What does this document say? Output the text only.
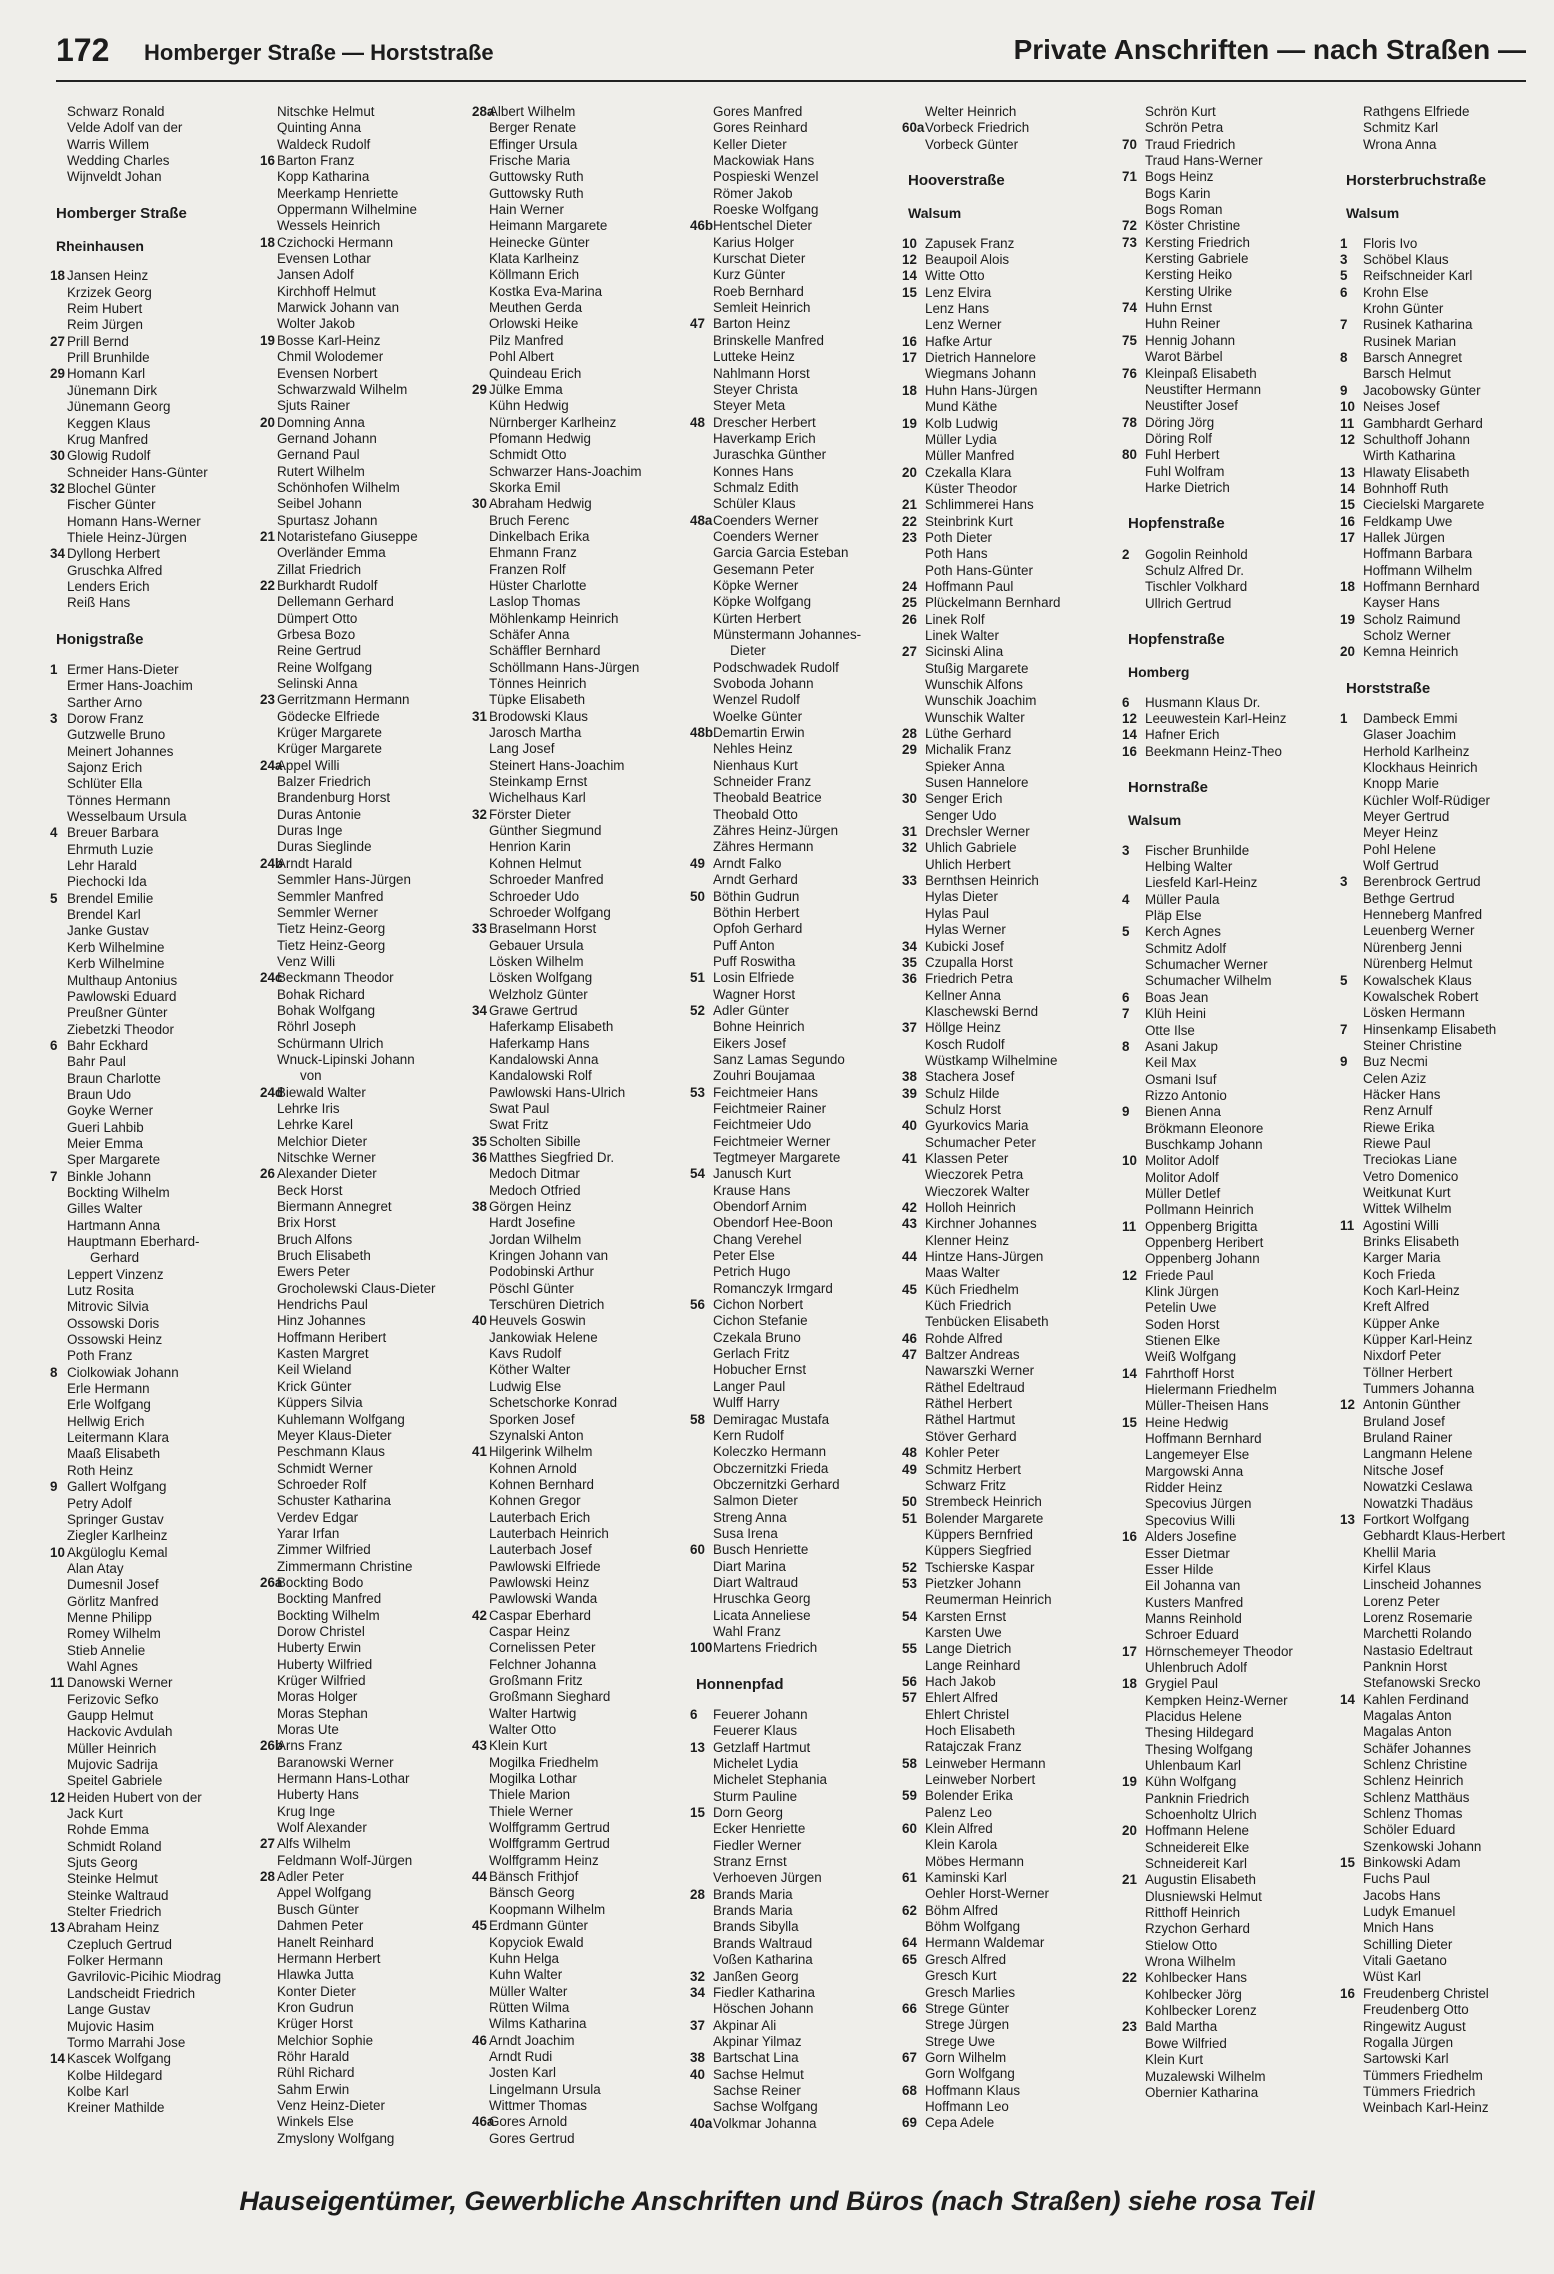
172 Homberger Straße — Horststraße	Private Anschriften — nach Straßen —
Schwarz Ronald
Velde Adolf van der
Warris Willem
Wedding Charles
Wijnveldt Johan
Homberger Straße
Rheinhausen
18 Jansen Heinz
Krzizek Georg
Reim Hubert
Reim Jürgen
27 Prill Bernd
Prill Brunhilde
29 Homann Karl
Jünemann Dirk
Jünemann Georg
Keggen Klaus
Krug Manfred
30 Glowig Rudolf
Schneider Hans-Günter
32 Blochel Günter
Fischer Günter
Homann Hans-Werner
Thiele Heinz-Jürgen
34 Dyllong Herbert
Gruschka Alfred
Lenders Erich
Reiß Hans
Honigstraße
1 Ermer Hans-Dieter
Ermer Hans-Joachim
Sarther Arno
3 Dorow Franz
Gutzwelle Bruno
Meinert Johannes
Sajonz Erich
Schlüter Ella
Tönnes Hermann
Wesselbaum Ursula
4 Breuer Barbara
Ehrmuth Luzie
Lehr Harald
Piechocki Ida
5 Brendel Emilie
Brendel Karl
Janke Gustav
Kerb Wilhelmine
Kerb Wilhelmine
Multhaup Antonius
Pawlowski Eduard
Preußner Günter
Ziebetzki Theodor
6 Bahr Eckhard
Bahr Paul
Braun Charlotte
Braun Udo
Goyke Werner
Gueri Lahbib
Meier Emma
Sper Margarete
7 Binkle Johann
Bockting Wilhelm
Gilles Walter
Hartmann Anna
Hauptmann Eberhard-
Gerhard
Leppert Vinzenz
Lutz Rosita
Mitrovic Silvia
Ossowski Doris
Ossowski Heinz
Poth Franz
8 Ciolkowiak Johann
Erle Hermann
Erle Wolfgang
Hellwig Erich
Leitermann Klara
Maaß Elisabeth
Roth Heinz
9 Gallert Wolfgang
Petry Adolf
Springer Gustav
Ziegler Karlheinz
10 Akgüloglu Kemal
Alan Atay
Dumesnil Josef
Görlitz Manfred
Menne Philipp
Romey Wilhelm
Stieb Annelie
Wahl Agnes
11 Danowski Werner
Ferizovic Sefko
Gaupp Helmut
Hackovic Avdulah
Müller Heinrich
Mujovic Sadrija
Speitel Gabriele
12 Heiden Hubert von der
Jack Kurt
Rohde Emma
Schmidt Roland
Sjuts Georg
Steinke Helmut
Steinke Waltraud
Stelter Friedrich
13 Abraham Heinz
Czepluch Gertrud
Folker Hermann
Gavrilovic-Picihic Miodrag
Landscheidt Friedrich
Lange Gustav
Mujovic Hasim
Tormo Marrahi Jose
14 Kascek Wolfgang
Kolbe Hildegard
Kolbe Karl
Kreiner Mathilde
Nitschke Helmut
Quinting Anna
Waldeck Rudolf
16 Barton Franz
Kopp Katharina
Meerkamp Henriette
Oppermann Wilhelmine
Wessels Heinrich
18 Czichocki Hermann
Evensen Lothar
Jansen Adolf
Kirchhoff Helmut
Marwick Johann van
Wolter Jakob
19 Bosse Karl-Heinz
Chmil Wolodemer
Evensen Norbert
Schwarzwald Wilhelm
Sjuts Rainer
20 Domning Anna
Gernand Johann
Gernand Paul
Rutert Wilhelm
Schönhofen Wilhelm
Seibel Johann
Spurtasz Johann
21 Notaristefano Giuseppe
Overländer Emma
Zillat Friedrich
22 Burkhardt Rudolf
Dellemann Gerhard
Dümpert Otto
Grbesa Bozo
Reine Gertrud
Reine Wolfgang
Selinski Anna
23 Gerritzmann Hermann
Gödecke Elfriede
Krüger Margarete
Krüger Margarete
24aAppel Willi
Balzer Friedrich
Brandenburg Horst
Duras Antonie
Duras Inge
Duras Sieglinde
24bArndt Harald
Semmler Hans-Jürgen
Semmler Manfred
Semmler Werner
Tietz Heinz-Georg
Tietz Heinz-Georg
Venz Willi
24cBeckmann Theodor
Bohak Richard
Bohak Wolfgang
Röhrl Joseph
Schürmann Ulrich
Wnuck-Lipinski Johann
von
24dBiewald Walter
Lehrke Iris
Lehrke Karel
Melchior Dieter
Nitschke Werner
26 Alexander Dieter
Beck Horst
Biermann Annegret
Brix Horst
Bruch Alfons
Bruch Elisabeth
Ewers Peter
Grocholewski Claus-Dieter
Hendrichs Paul
Hinz Johannes
Hoffmann Heribert
Kasten Margret
Keil Wieland
Krick Günter
Küppers Silvia
Kuhlemann Wolfgang
Meyer Klaus-Dieter
Peschmann Klaus
Schmidt Werner
Schroeder Rolf
Schuster Katharina
Verdev Edgar
Yarar Irfan
Zimmer Wilfried
Zimmermann Christine
26aBockting Bodo
Bockting Manfred
Bockting Wilhelm
Dorow Christel
Huberty Erwin
Huberty Wilfried
Krüger Wilfried
Moras Holger
Moras Stephan
Moras Ute
26bArns Franz
Baranowski Werner
Hermann Hans-Lothar
Huberty Hans
Krug Inge
Wolf Alexander
27 Alfs Wilhelm
Feldmann Wolf-Jürgen
28 Adler Peter
Appel Wolfgang
Busch Günter
Dahmen Peter
Hanelt Reinhard
Hermann Herbert
Hlawka Jutta
Konter Dieter
Kron Gudrun
Krüger Horst
Melchior Sophie
Röhr Harald
Rühl Richard
Sahm Erwin
Venz Heinz-Dieter
Winkels Else
Zmyslony Wolfgang
28aAlbert Wilhelm
Berger Renate
Effinger Ursula
Frische Maria
Guttowsky Ruth
Guttowsky Ruth
Hain Werner
Heimann Margarete
Heinecke Günter
Klata Karlheinz
Köllmann Erich
Kostka Eva-Marina
Meuthen Gerda
Orlowski Heike
Pilz Manfred
Pohl Albert
Quindeau Erich
29 Jülke Emma
Kühn Hedwig
Nürnberger Karlheinz
Pfomann Hedwig
Schmidt Otto
Schwarzer Hans-Joachim
Skorka Emil
30 Abraham Hedwig
Bruch Ferenc
Dinkelbach Erika
Ehmann Franz
Franzen Rolf
Hüster Charlotte
Laslop Thomas
Möhlenkamp Heinrich
Schäfer Anna
Schäffler Bernhard
Schöllmann Hans-Jürgen
Tönnes Heinrich
Tüpke Elisabeth
31 Brodowski Klaus
Jarosch Martha
Lang Josef
Steinert Hans-Joachim
Steinkamp Ernst
Wichelhaus Karl
32 Förster Dieter
Günther Siegmund
Henrion Karin
Kohnen Helmut
Schroeder Manfred
Schroeder Udo
Schroeder Wolfgang
33 Braselmann Horst
Gebauer Ursula
Lösken Wilhelm
Lösken Wolfgang
Welzholz Günter
34 Grawe Gertrud
Haferkamp Elisabeth
Haferkamp Hans
Kandalowski Anna
Kandalowski Rolf
Pawlowski Hans-Ulrich
Swat Paul
Swat Fritz
35 Scholten Sibille
36 Matthes Siegfried Dr.
Medoch Ditmar
Medoch Otfried
38 Görgen Heinz
Hardt Josefine
Jordan Wilhelm
Kringen Johann van
Podobinski Arthur
Pöschl Günter
Terschüren Dietrich
40 Heuvels Goswin
Jankowiak Helene
Kavs Rudolf
Köther Walter
Ludwig Else
Schetschorke Konrad
Sporken Josef
Szynalski Anton
41 Hilgerink Wilhelm
Kohnen Arnold
Kohnen Bernhard
Kohnen Gregor
Lauterbach Erich
Lauterbach Heinrich
Lauterbach Josef
Pawlowski Elfriede
Pawlowski Heinz
Pawlowski Wanda
42 Caspar Eberhard
Caspar Heinz
Cornelissen Peter
Felchner Johanna
Großmann Fritz
Großmann Sieghard
Walter Hartwig
Walter Otto
43 Klein Kurt
Mogilka Friedhelm
Mogilka Lothar
Thiele Marion
Thiele Werner
Wolffgramm Gertrud
Wolffgramm Gertrud
Wolffgramm Heinz
44 Bänsch Frithjof
Bänsch Georg
Koopmann Wilhelm
45 Erdmann Günter
Kopyciok Ewald
Kuhn Helga
Kuhn Walter
Müller Walter
Rütten Wilma
Wilms Katharina
46 Arndt Joachim
Arndt Rudi
Josten Karl
Lingelmann Ursula
Wittmer Thomas
46aGores Arnold
Gores Gertrud
Gores Manfred
Gores Reinhard
Keller Dieter
Mackowiak Hans
Pospieski Wenzel
Römer Jakob
Roeske Wolfgang
46bHentschel Dieter
Karius Holger
Kurschat Dieter
Kurz Günter
Roeb Bernhard
Semleit Heinrich
47 Barton Heinz
Brinskelle Manfred
Lutteke Heinz
Nahlmann Horst
Steyer Christa
Steyer Meta
48 Drescher Herbert
Haverkamp Erich
Juraschka Günther
Konnes Hans
Schmalz Edith
Schüler Klaus
48aCoenders Werner
Coenders Werner
Garcia Garcia Esteban
Gesemann Peter
Köpke Werner
Köpke Wolfgang
Kürten Herbert
Münstermann Johannes-
Dieter
Podschwadek Rudolf
Svoboda Johann
Wenzel Rudolf
Woelke Günter
48bDemartin Erwin
Nehles Heinz
Nienhaus Kurt
Schneider Franz
Theobald Beatrice
Theobald Otto
Zähres Heinz-Jürgen
Zähres Hermann
49 Arndt Falko
Arndt Gerhard
50 Böthin Gudrun
Böthin Herbert
Opfoh Gerhard
Puff Anton
Puff Roswitha
51 Losin Elfriede
Wagner Horst
52 Adler Günter
Bohne Heinrich
Eikers Josef
Sanz Lamas Segundo
Zouhri Boujamaa
53 Feichtmeier Hans
Feichtmeier Rainer
Feichtmeier Udo
Feichtmeier Werner
Tegtmeyer Margarete
54 Janusch Kurt
Krause Hans
Obendorf Arnim
Obendorf Hee-Boon
Chang Verehel
Peter Else
Petrich Hugo
Romanczyk Irmgard
56 Cichon Norbert
Cichon Stefanie
Czekala Bruno
Gerlach Fritz
Hobucher Ernst
Langer Paul
Wulff Harry
58 Demiragac Mustafa
Kern Rudolf
Koleczko Hermann
Obczernitzki Frieda
Obczernitzki Gerhard
Salmon Dieter
Streng Anna
Susa Irena
60 Busch Henriette
Diart Marina
Diart Waltraud
Hruschka Georg
Licata Anneliese
Wahl Franz
100Martens Friedrich
Honnenpfad
6 Feuerer Johann
Feuerer Klaus
13 Getzlaff Hartmut
Michelet Lydia
Michelet Stephania
Sturm Pauline
15 Dorn Georg
Ecker Henriette
Fiedler Werner
Stranz Ernst
Verhoeven Jürgen
28 Brands Maria
Brands Maria
Brands Sibylla
Brands Waltraud
Voßen Katharina
32 Janßen Georg
34 Fiedler Katharina
Höschen Johann
37 Akpinar Ali
Akpinar Yilmaz
38 Bartschat Lina
40 Sachse Helmut
Sachse Reiner
Sachse Wolfgang
40aVolkmar Johanna
Welter Heinrich
60aVorbeck Friedrich
Vorbeck Günter
Hooverstraße
Walsum
10 Zapusek Franz
12 Beaupoil Alois
14 Witte Otto
15 Lenz Elvira
Lenz Hans
Lenz Werner
16 Hafke Artur
17 Dietrich Hannelore
Wiegmans Johann
18 Huhn Hans-Jürgen
Mund Käthe
19 Kolb Ludwig
Müller Lydia
Müller Manfred
20 Czekalla Klara
Küster Theodor
21 Schlimmerei Hans
22 Steinbrink Kurt
23 Poth Dieter
Poth Hans
Poth Hans-Günter
24 Hoffmann Paul
25 Plückelmann Bernhard
26 Linek Rolf
Linek Walter
27 Sicinski Alina
Stußig Margarete
Wunschik Alfons
Wunschik Joachim
Wunschik Walter
28 Lüthe Gerhard
29 Michalik Franz
Spieker Anna
Susen Hannelore
30 Senger Erich
Senger Udo
31 Drechsler Werner
32 Uhlich Gabriele
Uhlich Herbert
33 Bernthsen Heinrich
Hylas Dieter
Hylas Paul
Hylas Werner
34 Kubicki Josef
35 Czupalla Horst
36 Friedrich Petra
Kellner Anna
Klaschewski Bernd
37 Höllge Heinz
Kosch Rudolf
Wüstkamp Wilhelmine
38 Stachera Josef
39 Schulz Hilde
Schulz Horst
40 Gyurkovics Maria
Schumacher Peter
41 Klassen Peter
Wieczorek Petra
Wieczorek Walter
42 Holloh Heinrich
43 Kirchner Johannes
Klenner Heinz
44 Hintze Hans-Jürgen
Maas Walter
45 Küch Friedhelm
Küch Friedrich
Tenbücken Elisabeth
46 Rohde Alfred
47 Baltzer Andreas
Nawarszki Werner
Räthel Edeltraud
Räthel Herbert
Räthel Hartmut
Stöver Gerhard
48 Kohler Peter
49 Schmitz Herbert
Schwarz Fritz
50 Strembeck Heinrich
51 Bolender Margarete
Küppers Bernfried
Küppers Siegfried
52 Tschierske Kaspar
53 Pietzker Johann
Reumerman Heinrich
54 Karsten Ernst
Karsten Uwe
55 Lange Dietrich
Lange Reinhard
56 Hach Jakob
57 Ehlert Alfred
Ehlert Christel
Hoch Elisabeth
Ratajczak Franz
58 Leinweber Hermann
Leinweber Norbert
59 Bolender Erika
Palenz Leo
60 Klein Alfred
Klein Karola
Möbes Hermann
61 Kaminski Karl
Oehler Horst-Werner
62 Böhm Alfred
Böhm Wolfgang
64 Hermann Waldemar
65 Gresch Alfred
Gresch Kurt
Gresch Marlies
66 Strege Günter
Strege Jürgen
Strege Uwe
67 Gorn Wilhelm
Gorn Wolfgang
68 Hoffmann Klaus
Hoffmann Leo
69 Cepa Adele
Schrön Kurt
Schrön Petra
70 Traud Friedrich
Traud Hans-Werner
71 Bogs Heinz
Bogs Karin
Bogs Roman
72 Köster Christine
73 Kersting Friedrich
Kersting Gabriele
Kersting Heiko
Kersting Ulrike
74 Huhn Ernst
Huhn Reiner
75 Hennig Johann
Warot Bärbel
76 Kleinpaß Elisabeth
Neustifter Hermann
Neustifter Josef
78 Döring Jörg
Döring Rolf
80 Fuhl Herbert
Fuhl Wolfram
Harke Dietrich
Hopfenstraße
2 Gogolin Reinhold
Schulz Alfred Dr.
Tischler Volkhard
Ullrich Gertrud
Hopfenstraße
Homberg
6 Husmann Klaus Dr.
12 Leeuwestein Karl-Heinz
14 Hafner Erich
16 Beekmann Heinz-Theo
Hornstraße
Walsum
3 Fischer Brunhilde
Helbing Walter
Liesfeld Karl-Heinz
4 Müller Paula
Pläp Else
5 Kerch Agnes
Schmitz Adolf
Schumacher Werner
Schumacher Wilhelm
6 Boas Jean
7 Klüh Heini
Otte Ilse
8 Asani Jakup
Keil Max
Osmani Isuf
Rizzo Antonio
9 Bienen Anna
Brökmann Eleonore
Buschkamp Johann
10 Molitor Adolf
Molitor Adolf
Müller Detlef
Pollmann Heinrich
11 Oppenberg Brigitta
Oppenberg Heribert
Oppenberg Johann
12 Friede Paul
Klink Jürgen
Petelin Uwe
Soden Horst
Stienen Elke
Weiß Wolfgang
14 Fahrthoff Horst
Hielermann Friedhelm
Müller-Theisen Hans
15 Heine Hedwig
Hoffmann Bernhard
Langemeyer Else
Margowski Anna
Ridder Heinz
Specovius Jürgen
Specovius Willi
16 Alders Josefine
Esser Dietmar
Esser Hilde
Eil Johanna van
Kusters Manfred
Manns Reinhold
Schroer Eduard
17 Hörnschemeyer Theodor
Uhlenbruch Adolf
18 Grygiel Paul
Kempken Heinz-Werner
Placidus Helene
Thesing Hildegard
Thesing Wolfgang
Uhlenbaum Karl
19 Kühn Wolfgang
Panknin Friedrich
Schoenholtz Ulrich
20 Hoffmann Helene
Schneidereit Elke
Schneidereit Karl
21 Augustin Elisabeth
Dlusniewski Helmut
Ritthoff Heinrich
Rzychon Gerhard
Stielow Otto
Wrona Wilhelm
22 Kohlbecker Hans
Kohlbecker Jörg
Kohlbecker Lorenz
23 Bald Martha
Bowe Wilfried
Klein Kurt
Muzalewski Wilhelm
Obernier Katharina
Rathgens Elfriede
Schmitz Karl
Wrona Anna
Horsterbruchstraße
Walsum
1 Floris Ivo
3 Schöbel Klaus
5 Reifschneider Karl
6 Krohn Else
Krohn Günter
7 Rusinek Katharina
Rusinek Marian
8 Barsch Annegret
Barsch Helmut
9 Jacobowsky Günter
10 Neises Josef
11 Gambhardt Gerhard
12 Schulthoff Johann
Wirth Katharina
13 Hlawaty Elisabeth
14 Bohnhoff Ruth
15 Ciecielski Margarete
16 Feldkamp Uwe
17 Hallek Jürgen
Hoffmann Barbara
Hoffmann Wilhelm
18 Hoffmann Bernhard
Kayser Hans
19 Scholz Raimund
Scholz Werner
20 Kemna Heinrich
Horststraße
1 Dambeck Emmi
Glaser Joachim
Herhold Karlheinz
Klockhaus Heinrich
Knopp Marie
Küchler Wolf-Rüdiger
Meyer Gertrud
Meyer Heinz
Pohl Helene
Wolf Gertrud
3 Berenbrock Gertrud
Bethge Gertrud
Henneberg Manfred
Leuenberg Werner
Nürenberg Jenni
Nürenberg Helmut
5 Kowalschek Klaus
Kowalschek Robert
Lösken Hermann
7 Hinsenkamp Elisabeth
Steiner Christine
9 Buz Necmi
Celen Aziz
Häcker Hans
Renz Arnulf
Riewe Erika
Riewe Paul
Treciokas Liane
Vetro Domenico
Weitkunat Kurt
Wittek Wilhelm
11 Agostini Willi
Brinks Elisabeth
Karger Maria
Koch Frieda
Koch Karl-Heinz
Kreft Alfred
Küpper Anke
Küpper Karl-Heinz
Nixdorf Peter
Töllner Herbert
Tummers Johanna
12 Antonin Günther
Bruland Josef
Bruland Rainer
Langmann Helene
Nitsche Josef
Nowatzki Ceslawa
Nowatzki Thadäus
13 Fortkort Wolfgang
Gebhardt Klaus-Herbert
Khellil Maria
Kirfel Klaus
Linscheid Johannes
Lorenz Peter
Lorenz Rosemarie
Marchetti Rolando
Nastasio Edeltraut
Panknin Horst
Stefanowski Srecko
14 Kahlen Ferdinand
Magalas Anton
Magalas Anton
Schäfer Johannes
Schlenz Christine
Schlenz Heinrich
Schlenz Matthäus
Schlenz Thomas
Schöler Eduard
Szenkowski Johann
15 Binkowski Adam
Fuchs Paul
Jacobs Hans
Ludyk Emanuel
Mnich Hans
Schilling Dieter
Vitali Gaetano
Wüst Karl
16 Freudenberg Christel
Freudenberg Otto
Ringewitz August
Rogalla Jürgen
Sartowski Karl
Tümmers Friedhelm
Tümmers Friedrich
Weinbach Karl-Heinz
Hauseigentümer, Gewerbliche Anschriften und Büros (nach Straßen) siehe rosa Teil
